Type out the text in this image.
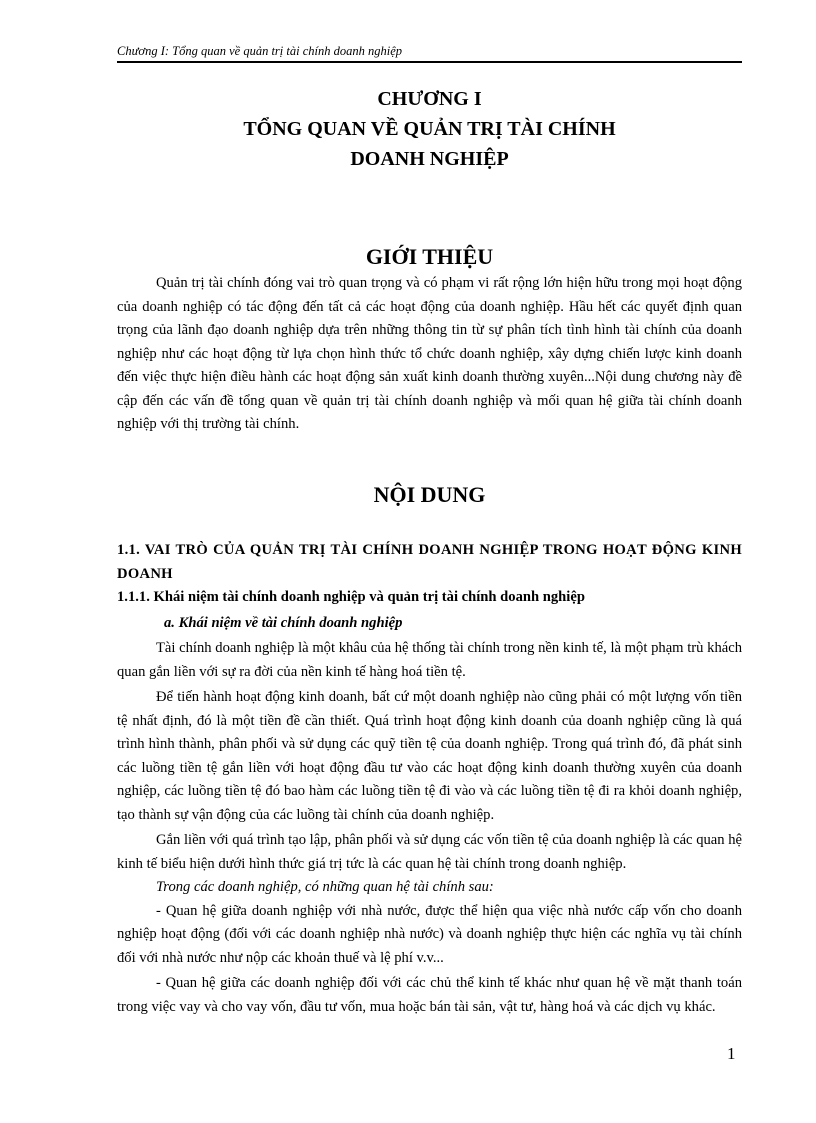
Chương I: Tổng quan về quản trị tài chính doanh nghiệp
CHƯƠNG I
TỔNG QUAN VỀ QUẢN TRỊ TÀI CHÍNH
DOANH NGHIỆP
GIỚI THIỆU

Quản trị tài chính đóng vai trò quan trọng và có phạm vi rất rộng lớn hiện hữu trong mọi hoạt động của doanh nghiệp có tác động đến tất cả các hoạt động của doanh nghiệp. Hầu hết các quyết định quan trọng của lãnh đạo doanh nghiệp dựa trên những thông tin từ sự phân tích tình hình tài chính của doanh nghiệp như các hoạt động từ lựa chọn hình thức tổ chức doanh nghiệp, xây dựng chiến lược kinh doanh đến việc thực hiện điều hành các hoạt động sản xuất kinh doanh thường xuyên...Nội dung chương này đề cập đến các vấn đề tổng quan về quản trị tài chính doanh nghiệp và mối quan hệ giữa tài chính doanh nghiệp với thị trường tài chính.

NỘI DUNG

1.1. VAI TRÒ CỦA QUẢN TRỊ TÀI CHÍNH DOANH NGHIỆP TRONG HOẠT ĐỘNG KINH DOANH

1.1.1. Khái niệm tài chính doanh nghiệp và quản trị tài chính doanh nghiệp

a. Khái niệm về tài chính doanh nghiệp

Tài chính doanh nghiệp là một khâu của hệ thống tài chính trong nền kinh tế, là một phạm trù khách quan gắn liền với sự ra đời của nền kinh tế hàng hoá tiền tệ.

Để tiến hành hoạt động kinh doanh, bất cứ một doanh nghiệp nào cũng phải có một lượng vốn tiền tệ nhất định, đó là một tiền đề cần thiết. Quá trình hoạt động kinh doanh của doanh nghiệp cũng là quá trình hình thành, phân phối và sử dụng các quỹ tiền tệ của doanh nghiệp. Trong quá trình đó, đã phát sinh các luồng tiền tệ gắn liền với hoạt động đầu tư vào các hoạt động kinh doanh thường xuyên của doanh nghiệp, các luồng tiền tệ đó bao hàm các luồng tiền tệ đi vào và các luồng tiền tệ đi ra khỏi doanh nghiệp, tạo thành sự vận động của các luồng tài chính của doanh nghiệp.

Gắn liền với quá trình tạo lập, phân phối và sử dụng các vốn tiền tệ của doanh nghiệp là các quan hệ kinh tế biểu hiện dưới hình thức giá trị tức là các quan hệ tài chính trong doanh nghiệp.

Trong các doanh nghiệp, có những quan hệ tài chính sau:

- Quan hệ giữa doanh nghiệp với nhà nước, được thể hiện qua việc nhà nước cấp vốn cho doanh nghiệp hoạt động (đối với các doanh nghiệp nhà nước) và doanh nghiệp thực hiện các nghĩa vụ tài chính đối với nhà nước như nộp các khoản thuế và lệ phí v.v...

- Quan hệ giữa các doanh nghiệp đối với các chủ thể kinh tế khác như quan hệ về mặt thanh toán trong việc vay và cho vay vốn, đầu tư vốn, mua hoặc bán tài sản, vật tư, hàng hoá và các dịch vụ khác.

1
